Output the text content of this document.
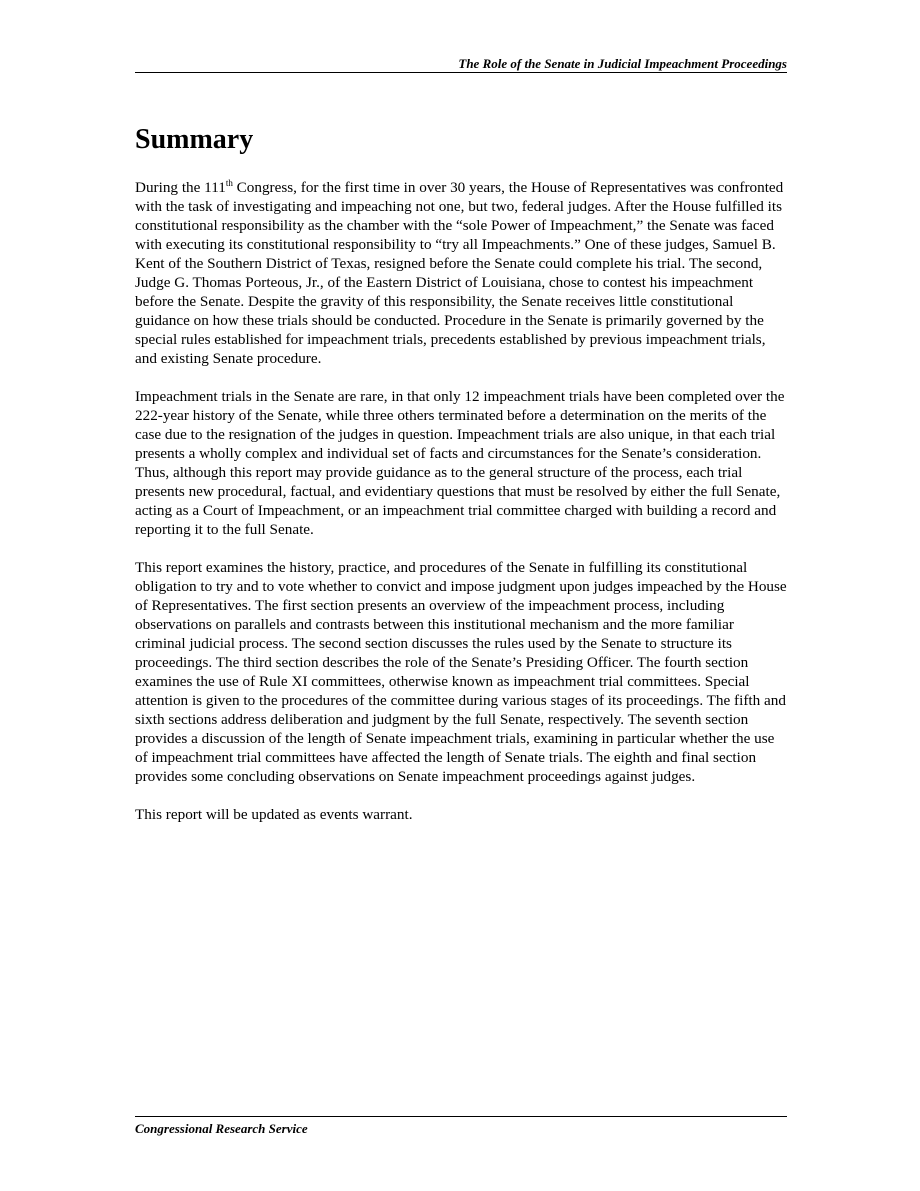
The Role of the Senate in Judicial Impeachment Proceedings
Summary

During the 111th Congress, for the first time in over 30 years, the House of Representatives was confronted with the task of investigating and impeaching not one, but two, federal judges. After the House fulfilled its constitutional responsibility as the chamber with the “sole Power of Impeachment,” the Senate was faced with executing its constitutional responsibility to “try all Impeachments.” One of these judges, Samuel B. Kent of the Southern District of Texas, resigned before the Senate could complete his trial. The second, Judge G. Thomas Porteous, Jr., of the Eastern District of Louisiana, chose to contest his impeachment before the Senate. Despite the gravity of this responsibility, the Senate receives little constitutional guidance on how these trials should be conducted. Procedure in the Senate is primarily governed by the special rules established for impeachment trials, precedents established by previous impeachment trials, and existing Senate procedure.

Impeachment trials in the Senate are rare, in that only 12 impeachment trials have been completed over the 222-year history of the Senate, while three others terminated before a determination on the merits of the case due to the resignation of the judges in question. Impeachment trials are also unique, in that each trial presents a wholly complex and individual set of facts and circumstances for the Senate’s consideration. Thus, although this report may provide guidance as to the general structure of the process, each trial presents new procedural, factual, and evidentiary questions that must be resolved by either the full Senate, acting as a Court of Impeachment, or an impeachment trial committee charged with building a record and reporting it to the full Senate.

This report examines the history, practice, and procedures of the Senate in fulfilling its constitutional obligation to try and to vote whether to convict and impose judgment upon judges impeached by the House of Representatives. The first section presents an overview of the impeachment process, including observations on parallels and contrasts between this institutional mechanism and the more familiar criminal judicial process. The second section discusses the rules used by the Senate to structure its proceedings. The third section describes the role of the Senate’s Presiding Officer. The fourth section examines the use of Rule XI committees, otherwise known as impeachment trial committees. Special attention is given to the procedures of the committee during various stages of its proceedings. The fifth and sixth sections address deliberation and judgment by the full Senate, respectively. The seventh section provides a discussion of the length of Senate impeachment trials, examining in particular whether the use of impeachment trial committees have affected the length of Senate trials. The eighth and final section provides some concluding observations on Senate impeachment proceedings against judges.

This report will be updated as events warrant.

Congressional Research Service
